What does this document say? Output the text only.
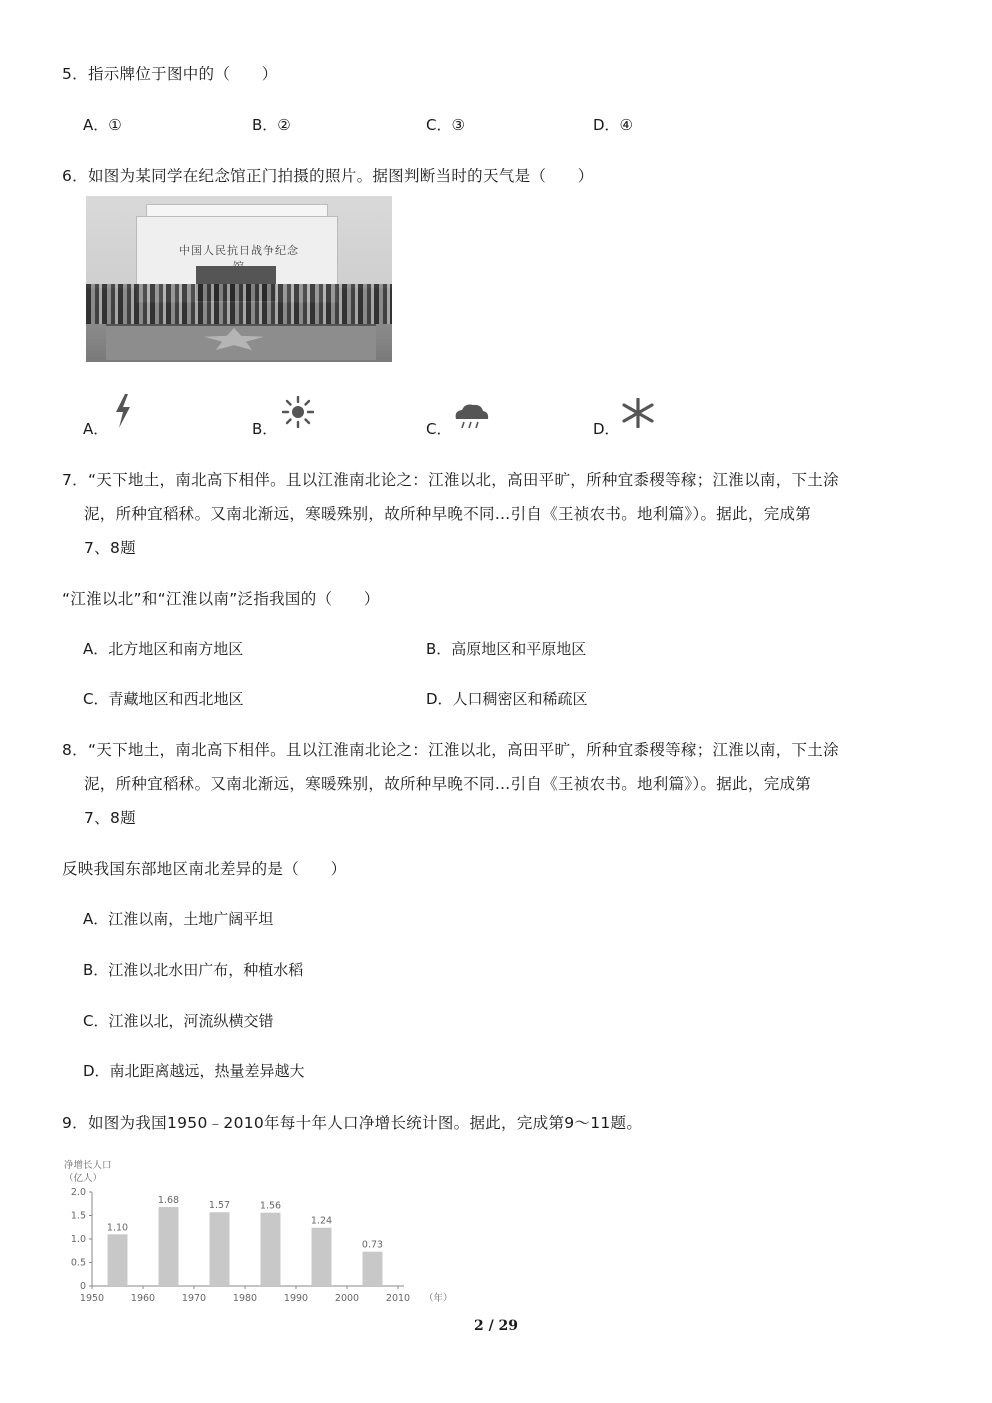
5．指示牌位于图中的（　　）
A．①	B．②	C．③	D．④
6．如图为某同学在纪念馆正门拍摄的照片。据图判断当时的天气是（　　）
中国人民抗日战争纪念
A．	B．	C．	D．
7．“天下地土，南北高下相伴。且以江淮南北论之：江淮以北，高田平旷，所种宜黍稷等稼；江淮以南，下土涂
泥，所种宜稻秫。又南北渐远，寒暖殊别，故所种早晚不同…引自《王祯农书。地利篇》）。据此，完成第
7、8题
“江淮以北”和“江淮以南”泛指我国的（　　）
A．北方地区和南方地区	B．高原地区和平原地区
C．青藏地区和西北地区	D．人口稠密区和稀疏区
8．“天下地土，南北高下相伴。且以江淮南北论之：江淮以北，高田平旷，所种宜黍稷等稼；江淮以南，下土涂
泥，所种宜稻秫。又南北渐远，寒暖殊别，故所种早晚不同…引自《王祯农书。地利篇》）。据此，完成第
7、8题
反映我国东部地区南北差异的是（　　）
A．江淮以南，土地广阔平坦
B．江淮以北水田广布，种植水稻
C．江淮以北，河流纵横交错
D．南北距离越远，热量差异越大
9．如图为我国1950﹣2010年每十年人口净增长统计图。据此，完成第9～11题。
净增长人口
（亿人）
1.10
1.68	1.57	1.56
1.24
0.73
2.0
1.5
1.0
0.5
0
1950	1960	1970	1980	1990	2000	2010 （年）
2 / 29
